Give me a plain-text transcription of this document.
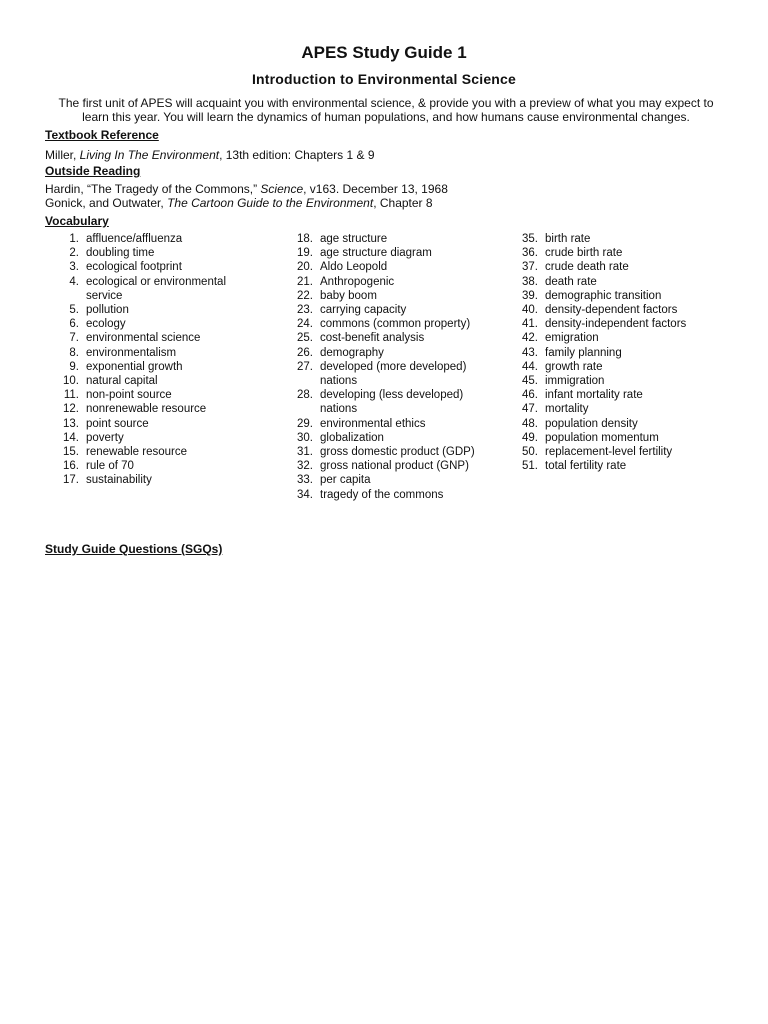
APES Study Guide 1
Introduction to Environmental Science
The first unit of APES will acquaint you with environmental science, & provide you with a preview of what you may expect to learn this year. You will learn the dynamics of human populations, and how humans cause environmental changes.
Textbook Reference
Miller, Living In The Environment, 13th edition: Chapters 1 & 9
Outside Reading
Hardin, “The Tragedy of the Commons,” Science, v163. December 13, 1968
Gonick, and Outwater, The Cartoon Guide to the Environment, Chapter 8
Vocabulary
1. affluence/affluenza
2. doubling time
3. ecological footprint
4. ecological or environmental service
5. pollution
6. ecology
7. environmental science
8. environmentalism
9. exponential growth
10. natural capital
11. non-point source
12. nonrenewable resource
13. point source
14. poverty
15. renewable resource
16. rule of 70
17. sustainability
18. age structure
19. age structure diagram
20. Aldo Leopold
21. Anthropogenic
22. baby boom
23. carrying capacity
24. commons (common property)
25. cost-benefit analysis
26. demography
27. developed (more developed) nations
28. developing (less developed) nations
29. environmental ethics
30. globalization
31. gross domestic product (GDP)
32. gross national product (GNP)
33. per capita
34. tragedy of the commons
35. birth rate
36. crude birth rate
37. crude death rate
38. death rate
39. demographic transition
40. density-dependent factors
41. density-independent factors
42. emigration
43. family planning
44. growth rate
45. immigration
46. infant mortality rate
47. mortality
48. population density
49. population momentum
50. replacement-level fertility
51. total fertility rate
Study Guide Questions (SGQs)
